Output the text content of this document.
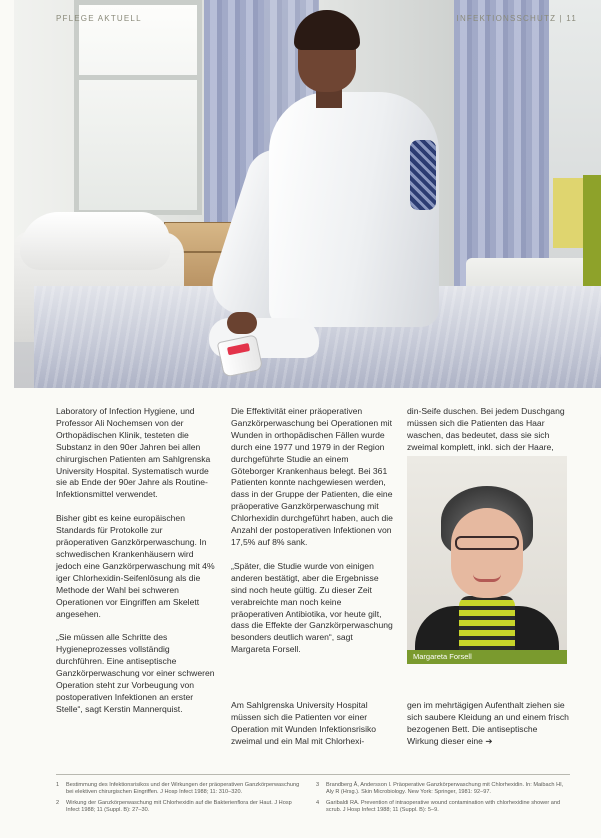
PFLEGE AKTUELL	INFEKTIONSSCHUTZ | 11

Laboratory of Infection Hygiene, und Professor Ali Nochemsen von der Orthopädischen Klinik, testeten die Substanz in den 90er Jahren bei allen chirurgischen Patienten am Sahlgrenska University Hospital. Systematisch wurde sie ab Ende der 90er Jahre als Routine-Infektionsmittel verwendet.

Bisher gibt es keine europäischen Standards für Protokolle zur präoperativen Ganzkörperwaschung. In schwedischen Krankenhäusern wird jedoch eine Ganzkörperwaschung mit 4% iger Chlorhexidin-Seifenlösung als die Methode der Wahl bei schweren Operationen vor Eingriffen am Skelett angesehen.

„Sie müssen alle Schritte des Hygieneprozesses vollständig durchführen. Eine antiseptische Ganzkörperwaschung vor einer schweren Operation steht zur Vorbeugung von postoperativen Infektionen an erster Stelle“, sagt Kerstin Mannerquist.

Die Effektivität einer präoperativen Ganzkörperwaschung bei Operationen mit Wunden in orthopädischen Fällen wurde durch eine 1977 und 1979 in der Region durchgeführte Studie an einem Göteborger Krankenhaus belegt. Bei 361 Patienten konnte nachgewiesen werden, dass in der Gruppe der Patienten, die eine präoperative Ganzkörperwaschung mit Chlorhexidin durchgeführt haben, auch die Anzahl der postoperativen Infektionen von 17,5% auf 8% sank.

„Später, die Studie wurde von einigen anderen bestätigt, aber die Ergebnisse sind noch heute gültig. Zu dieser Zeit verabreichte man noch keine präoperativen Antibiotika, vor heute gilt, dass die Effekte der Ganzkörperwaschung besonders deutlich waren“, sagt Margareta Forsell.

Am Sahlgrenska University Hospital müssen sich die Patienten vor einer Operation mit Wunden Infektionsrisiko zweimal und ein Mal mit Chlorhexi-

din-Seife duschen. Bei jedem Duschgang müssen sich die Patienten das Haar waschen, das bedeutet, dass sie sich zweimal komplett, inkl. sich der Haare,

Margareta Forsell

gen im mehrtägigen Aufenthalt ziehen sie sich saubere Kleidung an und einem frisch bezogenen Bett. Die antiseptische Wirkung dieser eine ➔

1	Bestimmung des Infektionsrisikos und der Wirkungen der präoperativen Ganzkörperwaschung bei elektiven chirurgischen Eingriffen. J Hosp Infect 1988; 11: 310–320.
2	Wirkung der Ganzkörperwaschung mit Chlorhexidin auf die Bakterienflora der Haut. J Hosp Infect 1988; 11 (Suppl. B): 27–30.
3	Brandberg Å, Andersson I. Präoperative Ganzkörperwaschung mit Chlorhexidin. In: Maibach HI, Aly R (Hrsg.). Skin Microbiology. New York: Springer, 1981: 92–97.
4	Garibaldi RA. Prevention of intraoperative wound contamination with chlorhexidine shower and scrub. J Hosp Infect 1988; 11 (Suppl. B): 5–9.
